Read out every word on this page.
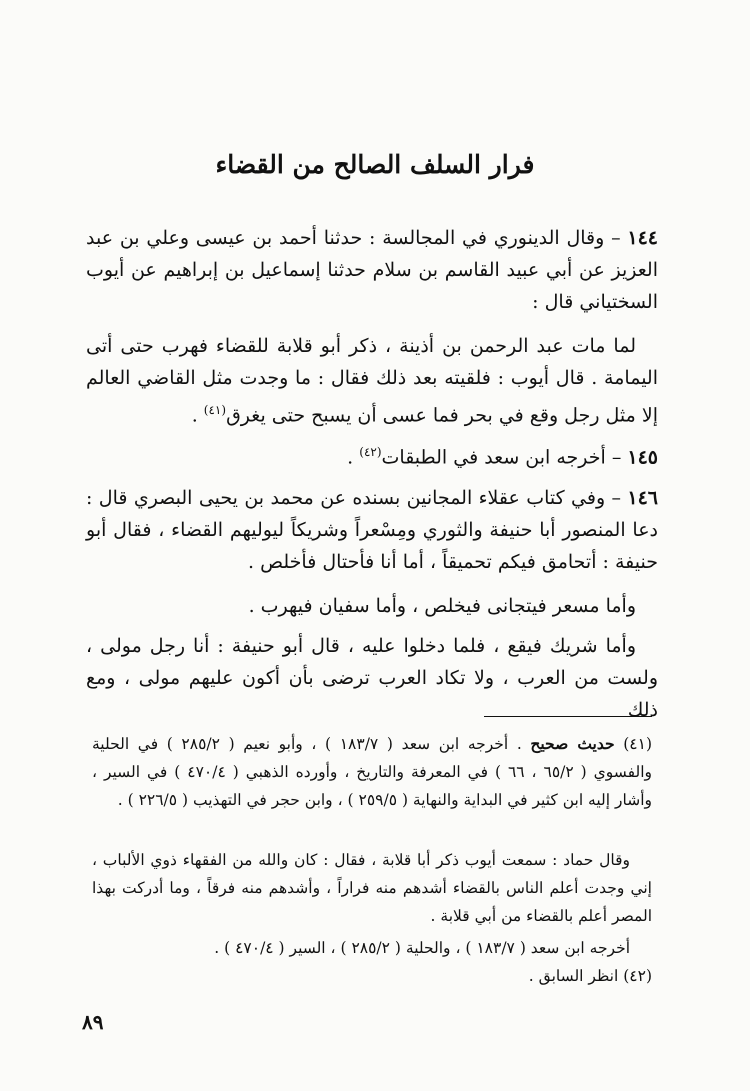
فرار السلف الصالح من القضاء

١٤٤ – وقال الدينوري في المجالسة : حدثنا أحمد بن عيسى وعلي بن عبد العزيز عن أبي عبيد القاسم بن سلام حدثنا إسماعيل بن إبراهيم عن أيوب السختياني قال :

لما مات عبد الرحمن بن أذينة ، ذكر أبو قلابة للقضاء فهرب حتى أتى اليمامة . قال أيوب : فلقيته بعد ذلك فقال : ما وجدت مثل القاضي العالم إلا مثل رجل وقع في بحر فما عسى أن يسبح حتى يغرق$^{(٤١)}$ .

١٤٥ – أخرجه ابن سعد في الطبقات$^{(٤٢)}$ .

١٤٦ – وفي كتاب عقلاء المجانين بسنده عن محمد بن يحيى البصري قال : دعا المنصور أبا حنيفة والثوري ومِسْعراً وشريكاً ليوليهم القضاء ، فقال أبو حنيفة : أتحامق فيكم تحميقاً ، أما أنا فأحتال فأخلص .

وأما مسعر فيتجانى فيخلص ، وأما سفيان فيهرب .

وأما شريك فيقع ، فلما دخلوا عليه ، قال أبو حنيفة : أنا رجل مولى ، ولست من العرب ، ولا تكاد العرب ترضى بأن أكون عليهم مولى ، ومع ذلك

(٤١) حديث صحيح . أخرجه ابن سعد ( ١٨٣/٧ ) ، وأبو نعيم ( ٢٨٥/٢ ) في الحلية والفسوي ( ٦٥/٢ ، ٦٦ ) في المعرفة والتاريخ ، وأورده الذهبي ( ٤٧٠/٤ ) في السير ، وأشار إليه ابن كثير في البداية والنهاية ( ٢٥٩/٥ ) ، وابن حجر في التهذيب ( ٢٢٦/٥ ) .

وقال حماد : سمعت أيوب ذكر أبا قلابة ، فقال : كان والله من الفقهاء ذوي الألباب ، إني وجدت أعلم الناس بالقضاء أشدهم منه فراراً ، وأشدهم منه فرقاً ، وما أدركت بهذا المصر أعلم بالقضاء من أبي قلابة .

أخرجه ابن سعد ( ١٨٣/٧ ) ، والحلية ( ٢٨٥/٢ ) ، السير ( ٤٧٠/٤ ) .

(٤٢) انظر السابق .

٨٩
